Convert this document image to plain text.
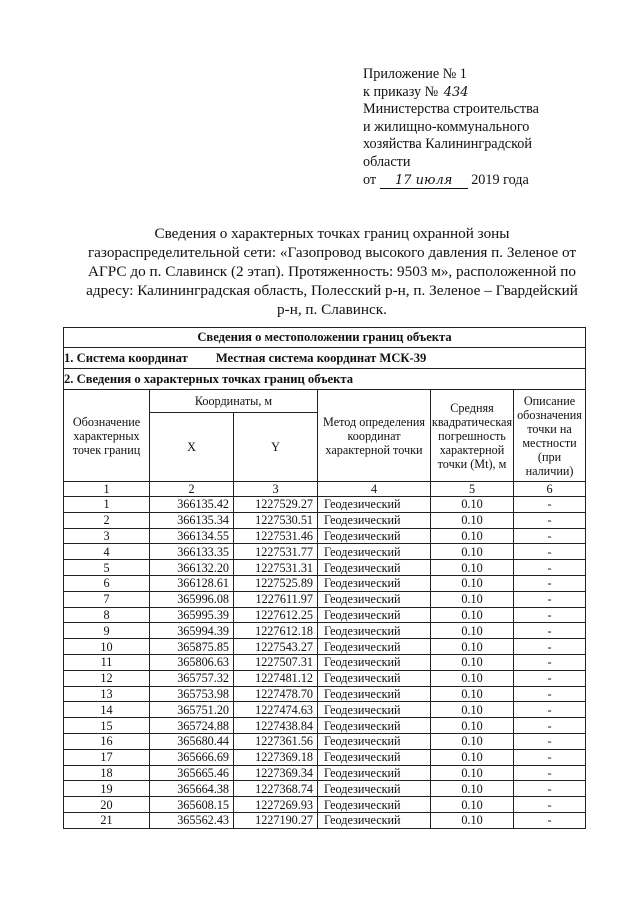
Приложение № 1
к приказу № 434
Министерства строительства
и жилищно-коммунального
хозяйства Калининградской
области
от 17 июля 2019 года
Сведения о характерных точках границ охранной зоны
газораспределительной сети: «Газопровод высокого давления п. Зеленое от
АГРС до п. Славинск (2 этап). Протяженность: 9503 м», расположенной по
адресу: Калининградская область, Полесский р-н, п. Зеленое – Гвардейский
р-н, п. Славинск.
Сведения о местоположении границ объекта					
1. Система координат Местная система координат МСК-39					
2. Сведения о характерных точках границ объекта					
Обозначение характерных точек границ	Координаты, м		Метод определения координат характерной точки	Средняя квадратическая погрешность характерной точки (Mt), м	Описание обозначения точки на местности (при наличии)
	X	Y			
1	2	3	4	5	6
1	366135.42	1227529.27	Геодезический	0.10	-
2	366135.34	1227530.51	Геодезический	0.10	-
3	366134.55	1227531.46	Геодезический	0.10	-
4	366133.35	1227531.77	Геодезический	0.10	-
5	366132.20	1227531.31	Геодезический	0.10	-
6	366128.61	1227525.89	Геодезический	0.10	-
7	365996.08	1227611.97	Геодезический	0.10	-
8	365995.39	1227612.25	Геодезический	0.10	-
9	365994.39	1227612.18	Геодезический	0.10	-
10	365875.85	1227543.27	Геодезический	0.10	-
11	365806.63	1227507.31	Геодезический	0.10	-
12	365757.32	1227481.12	Геодезический	0.10	-
13	365753.98	1227478.70	Геодезический	0.10	-
14	365751.20	1227474.63	Геодезический	0.10	-
15	365724.88	1227438.84	Геодезический	0.10	-
16	365680.44	1227361.56	Геодезический	0.10	-
17	365666.69	1227369.18	Геодезический	0.10	-
18	365665.46	1227369.34	Геодезический	0.10	-
19	365664.38	1227368.74	Геодезический	0.10	-
20	365608.15	1227269.93	Геодезический	0.10	-
21	365562.43	1227190.27	Геодезический	0.10	-
